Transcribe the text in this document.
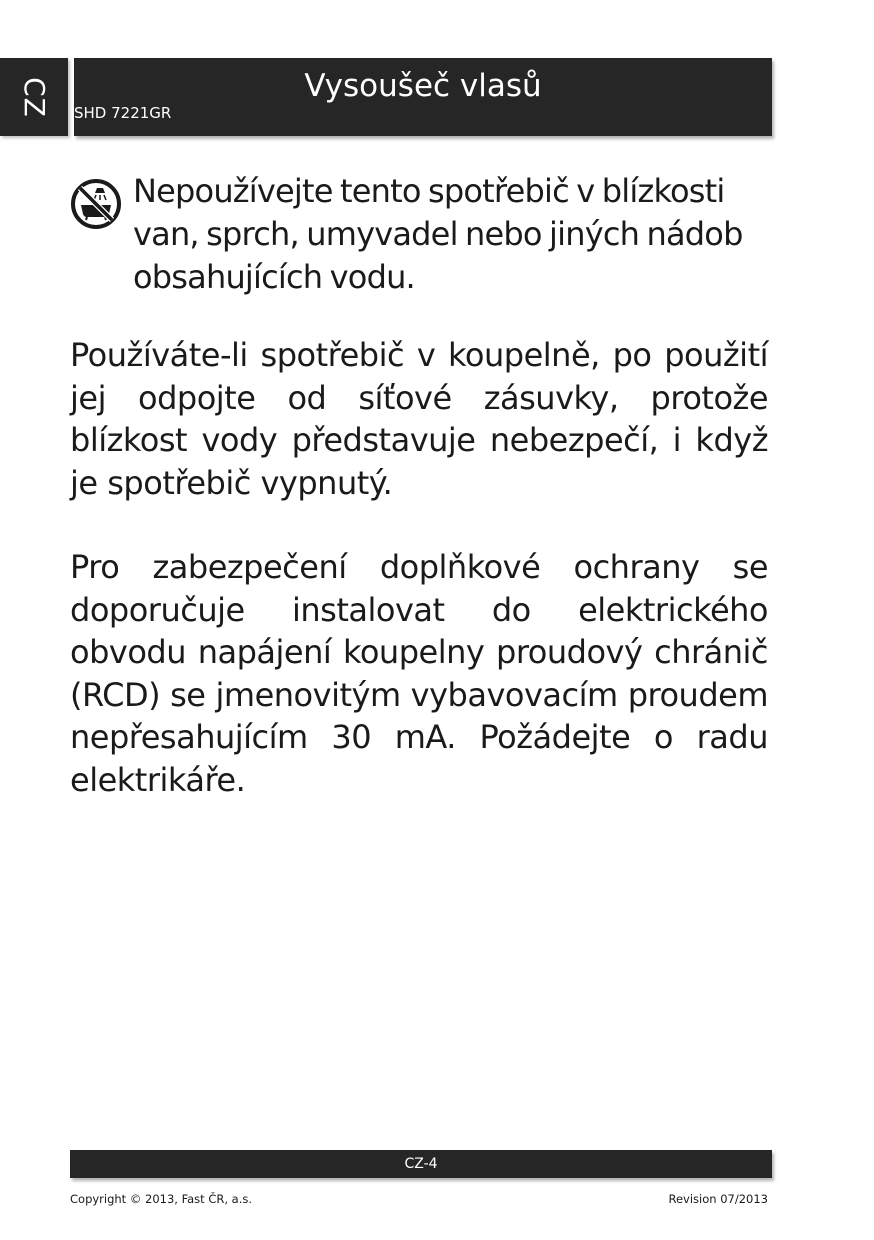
CZ	Vysoušeč vlasů
SHD 7221GR

Nepoužívejte tento spotřebič v blízkosti van, sprch, umyvadel nebo jiných nádob obsahujících vodu.

Používáte-li spotřebič v koupelně, po použití jej odpojte od síťové zásuvky, protože blízkost vody představuje nebezpečí, i když je spotřebič vypnutý.

Pro zabezpečení doplňkové ochrany se doporučuje instalovat do elektrického obvodu napájení koupelny proudový chránič (RCD) se jmenovitým vybavovacím proudem nepřesahujícím 30 mA. Požádejte o radu elektrikáře.

CZ-4
Copyright © 2013, Fast ČR, a.s.	Revision 07/2013
